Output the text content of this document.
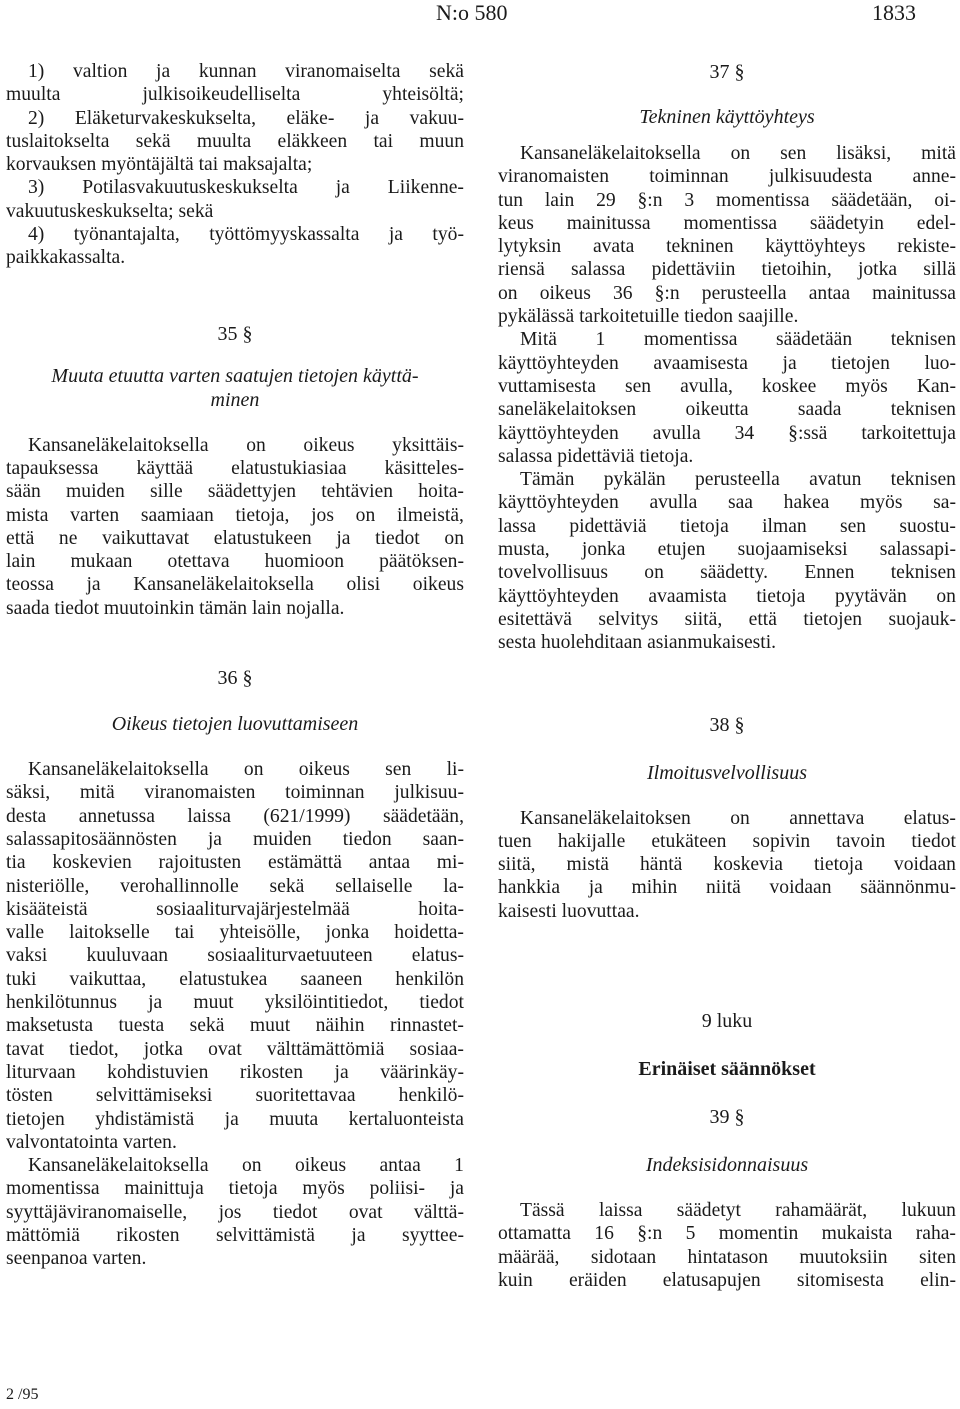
N:o 580	1833
1) valtion ja kunnan viranomaiselta sekä
muulta	julkisoikeudelliselta	yhteisöltä;
2) Eläketurvakeskukselta, eläke- ja vakuu-
tuslaitokselta sekä muulta eläkkeen tai muun
korvauksen myöntäjältä tai maksajalta;
3) Potilasvakuutuskeskukselta ja Liikenne-
vakuutuskeskukselta; sekä
4) työnantajalta, työttömyyskassalta ja työ-
paikkakassalta.
35 §
Muuta etuutta varten saatujen tietojen käyttä-
minen
Kansaneläkelaitoksella on oikeus yksittäis-
tapauksessa käyttää elatustukiasiaa käsitteles-
sään muiden sille säädettyjen tehtävien hoita-
mista varten saamiaan tietoja, jos on ilmeistä,
että ne vaikuttavat elatustukeen ja tiedot on
lain mukaan otettava huomioon päätöksen-
teossa ja Kansaneläkelaitoksella olisi oikeus
saada tiedot muutoinkin tämän lain nojalla.
36 §
Oikeus tietojen luovuttamiseen
Kansaneläkelaitoksella on oikeus sen li-
säksi, mitä viranomaisten toiminnan julkisuu-
desta annetussa laissa (621/1999) säädetään,
salassapitosäännösten ja muiden tiedon saan-
tia koskevien rajoitusten estämättä antaa mi-
nisteriölle, verohallinnolle sekä sellaiselle la-
kisääteistä	sosiaaliturvajärjestelmää	hoita-
valle laitokselle tai yhteisölle, jonka hoidetta-
vaksi kuuluvaan sosiaaliturvaetuuteen elatus-
tuki vaikuttaa, elatustukea saaneen henkilön
henkilötunnus ja muut yksilöintitiedot, tiedot
maksetusta tuesta sekä muut näihin rinnastet-
tavat tiedot, jotka ovat välttämättömiä sosiaa-
liturvaan kohdistuvien rikosten ja väärinkäy-
tösten selvittämiseksi suoritettavaa henkilö-
tietojen yhdistämistä ja muuta kertaluonteista
valvontatointa varten.
Kansaneläkelaitoksella on oikeus antaa 1
momentissa mainittuja tietoja myös poliisi- ja
syyttäjäviranomaiselle, jos tiedot ovat välttä-
mättömiä rikosten selvittämistä ja syyttee-
seenpanoa varten.
37 §
Tekninen käyttöyhteys
Kansaneläkelaitoksella on sen lisäksi, mitä
viranomaisten toiminnan julkisuudesta anne-
tun lain 29 §:n 3 momentissa säädetään, oi-
keus mainitussa momentissa säädetyin edel-
lytyksin avata tekninen käyttöyhteys rekiste-
riensä salassa pidettäviin tietoihin, jotka sillä
on oikeus 36 §:n perusteella antaa mainitussa
pykälässä tarkoitetuille tiedon saajille.
Mitä 1 momentissa säädetään teknisen
käyttöyhteyden avaamisesta ja tietojen luo-
vuttamisesta sen avulla, koskee myös Kan-
saneläkelaitoksen	oikeutta	saada	teknisen
käyttöyhteyden avulla 34 §:ssä tarkoitettuja
salassa pidettäviä tietoja.
Tämän pykälän perusteella avatun teknisen
käyttöyhteyden avulla saa hakea myös sa-
lassa pidettäviä tietoja ilman sen suostu-
musta, jonka etujen suojaamiseksi salassapi-
tovelvollisuus on säädetty. Ennen teknisen
käyttöyhteyden avaamista tietoja pyytävän on
esitettävä selvitys siitä, että tietojen suojauk-
sesta huolehditaan asianmukaisesti.
38 §
Ilmoitusvelvollisuus
Kansaneläkelaitoksen on annettava elatus-
tuen hakijalle etukäteen sopivin tavoin tiedot
siitä, mistä häntä koskevia tietoja voidaan
hankkia ja mihin niitä voidaan säännönmu-
kaisesti luovuttaa.
9 luku
Erinäiset säännökset
39 §
Indeksisidonnaisuus
Tässä laissa säädetyt rahamäärät, lukuun
ottamatta 16 §:n 5 momentin mukaista raha-
määrää, sidotaan hintatason muutoksiin siten
kuin eräiden elatusapujen sitomisesta elin-
2 /95
